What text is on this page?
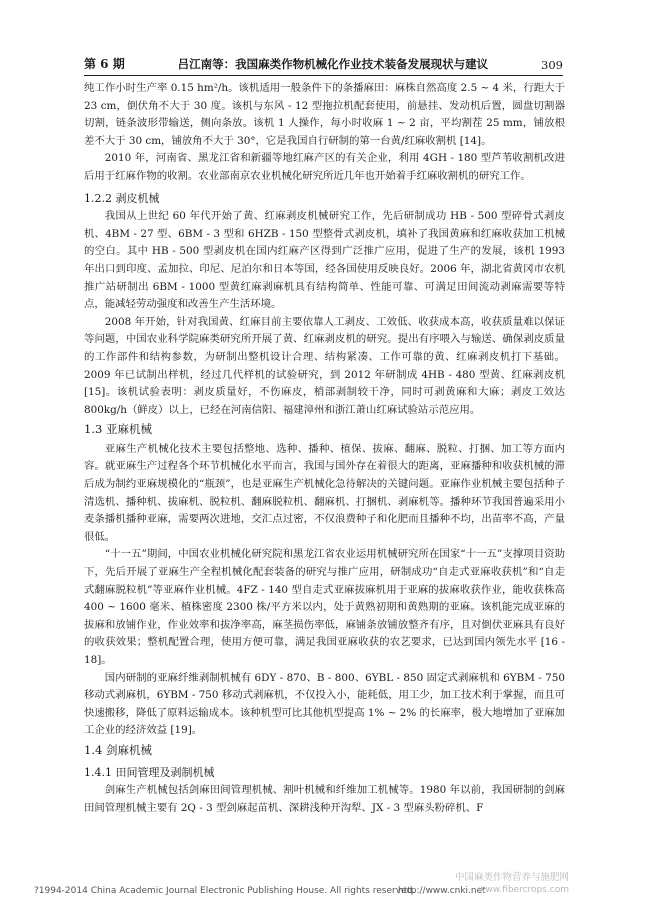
第 6 期	吕江南等：我国麻类作物机械化作业技术装备发展现状与建议	309

纯工作小时生产率 0.15 hm²/h。该机适用一般条件下的条播麻田：麻株自然高度 2.5 ~ 4 米，行距大于 23 cm，倒伏角不大于 30 度。该机与东风 - 12 型拖拉机配套使用，前悬挂、发动机后置，圆盘切割器切割，链条波形带输送，侧向条放。该机 1 人操作，每小时收麻 1 ~ 2 亩，平均割茬 25 mm，铺放根差不大于 30 cm，铺放角不大于 30°，它是我国自行研制的第一台黄/红麻收割机 [14]。

2010 年，河南省、黑龙江省和新疆等地红麻产区的有关企业，利用 4GH - 180 型芦苇收割机改进后用于红麻作物的收割。农业部南京农业机械化研究所近几年也开始着手红麻收割机的研究工作。

1.2.2 剥皮机械

我国从上世纪 60 年代开始了黄、红麻剥皮机械研究工作，先后研制成功 HB - 500 型碎骨式剥皮机、4BM - 27 型、6BM - 3 型和 6HZB - 150 型整骨式剥皮机，填补了我国黄麻和红麻收获加工机械的空白。其中 HB - 500 型剥皮机在国内红麻产区得到广泛推广应用，促进了生产的发展，该机 1993 年出口到印度、孟加拉、印尼、尼泊尔和日本等国，经各国使用反映良好。2006 年，湖北省黄冈市农机推广站研制出 6BM - 1000 型黄红麻剥麻机具有结构简单、性能可靠、可满足田间流动剥麻需要等特点，能减轻劳动强度和改善生产生活环境。

2008 年开始，针对我国黄、红麻目前主要依靠人工剥皮、工效低、收获成本高，收获质量难以保证等问题，中国农业科学院麻类研究所开展了黄、红麻剥皮机的研究。提出有序喂入与输送、确保剥皮质量的工作部件和结构参数，为研制出整机设计合理、结构紧凑、工作可靠的黄、红麻剥皮机打下基础。2009 年已试制出样机，经过几代样机的试验研究，到 2012 年研制成 4HB - 480 型黄、红麻剥皮机 [15]。该机试验表明：剥皮质量好，不伤麻皮，梢部剥制较干净，同时可剥黄麻和大麻；剥皮工效达 800kg/h（鲜皮）以上，已经在河南信阳、福建漳州和浙江萧山红麻试验站示范应用。

1.3 亚麻机械

亚麻生产机械化技术主要包括整地、选种、播种、植保、拔麻、翻麻、脱粒、打捆、加工等方面内容。就亚麻生产过程各个环节机械化水平而言，我国与国外存在着很大的距离，亚麻播种和收获机械的滞后成为制约亚麻规模化的“瓶颈”，也是亚麻生产机械化急待解决的关键问题。亚麻作业机械主要包括种子清选机、播种机、拔麻机、脱粒机、翻麻脱粒机、翻麻机、打捆机、剥麻机等。播种环节我国普遍采用小麦条播机播种亚麻，需要两次进地，交汇点过密，不仅浪费种子和化肥而且播种不均，出苗率不高，产量很低。

“十一五”期间，中国农业机械化研究院和黑龙江省农业运用机械研究所在国家“十一五”支撑项目资助下，先后开展了亚麻生产全程机械化配套装备的研究与推广应用，研制成功“自走式亚麻收获机”和“自走式翻麻脱粒机”等亚麻作业机械。4FZ - 140 型自走式亚麻拔麻机用于亚麻的拔麻收获作业，能收获株高 400 ~ 1600 毫米、植株密度 2300 株/平方米以内，处于黄熟初期和黄熟期的亚麻。该机能完成亚麻的拔麻和放铺作业，作业效率和拔净率高，麻茎损伤率低，麻铺条放铺放整齐有序，且对倒伏亚麻具有良好的收获效果；整机配置合理，使用方便可靠，满足我国亚麻收获的农艺要求，已达到国内领先水平 [16 - 18]。

国内研制的亚麻纤维剥制机械有 6DY - 870、B - 800、6YBL - 850 固定式剥麻机和 6YBM - 750 移动式剥麻机，6YBM - 750 移动式剥麻机，不仅投入小，能耗低，用工少，加工技术利于掌握，而且可快速搬移，降低了原料运输成本。该种机型可比其他机型提高 1% ~ 2% 的长麻率，极大地增加了亚麻加工企业的经济效益 [19]。

1.4 剑麻机械
1.4.1 田间管理及剥制机械

剑麻生产机械包括剑麻田间管理机械、割叶机械和纤维加工机械等。1980 年以前，我国研制的剑麻田间管理机械主要有 2Q - 3 型剑麻起苗机、深耕浅种开沟犁、JX - 3 型麻头粉碎机、F

?1994-2014 China Academic Journal Electronic Publishing House. All rights reserved.
http://www.cnki.net
中国麻类作物营养与施肥网
www.fibercrops.com
